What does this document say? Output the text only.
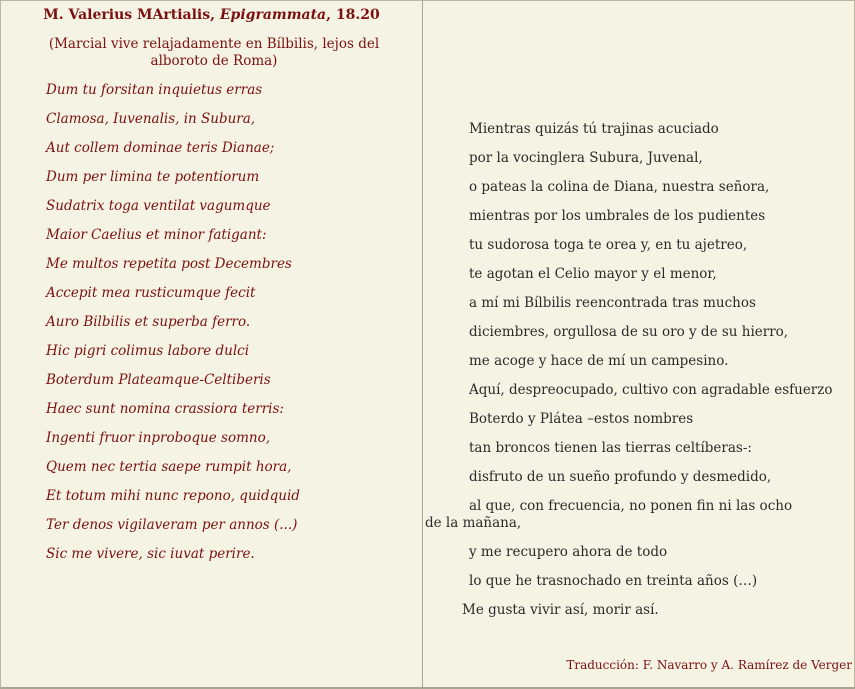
M. Valerius MArtialis, Epigrammata, 18.20
(Marcial vive relajadamente en Bílbilis, lejos del alboroto de Roma)
Dum tu forsitan inquietus erras
Clamosa, Iuvenalis, in Subura,
Aut collem dominae teris Dianae;
Dum per limina te potentiorum
Sudatrix toga ventilat vagumque
Maior Caelius et minor fatigant:
Me multos repetita post Decembres
Accepit mea rusticumque fecit
Auro Bilbilis et superba ferro.
Hic pigri colimus labore dulci
Boterdum Plateamque-Celtiberis
Haec sunt nomina crassiora terris:
Ingenti fruor inproboque somno,
Quem nec tertia saepe rumpit hora,
Et totum mihi nunc repono, quidquid
Ter denos vigilaveram per annos (...)
Sic me vivere, sic iuvat perire.
Mientras quizás tú trajinas acuciado
por la vocinglera Subura, Juvenal,
o pateas la colina de Diana, nuestra señora,
mientras por los umbrales de los pudientes
tu sudorosa toga te orea y, en tu ajetreo,
te agotan el Celio mayor y el menor,
a mí mi Bílbilis reencontrada tras muchos
diciembres, orgullosa de su oro y de su hierro,
me acoge y hace de mí un campesino.
Aquí, despreocupado, cultivo con agradable esfuerzo
Boterdo y Plátea –estos nombres
tan broncos tienen las tierras celtíberas-:
disfruto de un sueño profundo y desmedido,
al que, con frecuencia, no ponen fin ni las ocho de la mañana,
y me recupero ahora de todo
lo que he trasnochado en treinta años (…)
Me gusta vivir así, morir así.
Traducción: F. Navarro y A. Ramírez de Verger
